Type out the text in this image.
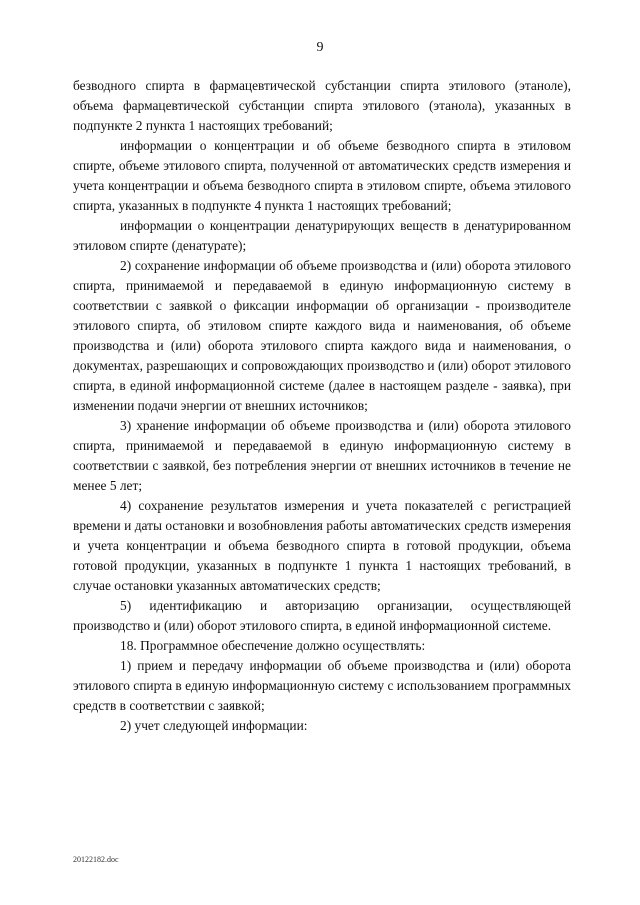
9

безводного спирта в фармацевтической субстанции спирта этилового (этаноле), объема фармацевтической субстанции спирта этилового (этанола), указанных в подпункте 2 пункта 1 настоящих требований;

информации о концентрации и об объеме безводного спирта в этиловом спирте, объеме этилового спирта, полученной от автоматических средств измерения и учета концентрации и объема безводного спирта в этиловом спирте, объема этилового спирта, указанных в подпункте 4 пункта 1 настоящих требований;

информации о концентрации денатурирующих веществ в денатурированном этиловом спирте (денатурате);

2) сохранение информации об объеме производства и (или) оборота этилового спирта, принимаемой и передаваемой в единую информационную систему в соответствии с заявкой о фиксации информации об организации - производителе этилового спирта, об этиловом спирте каждого вида и наименования, об объеме производства и (или) оборота этилового спирта каждого вида и наименования, о документах, разрешающих и сопровождающих производство и (или) оборот этилового спирта, в единой информационной системе (далее в настоящем разделе - заявка), при изменении подачи энергии от внешних источников;

3) хранение информации об объеме производства и (или) оборота этилового спирта, принимаемой и передаваемой в единую информационную систему в соответствии с заявкой, без потребления энергии от внешних источников в течение не менее 5 лет;

4) сохранение результатов измерения и учета показателей с регистрацией времени и даты остановки и возобновления работы автоматических средств измерения и учета концентрации и объема безводного спирта в готовой продукции, объема готовой продукции, указанных в подпункте 1 пункта 1 настоящих требований, в случае остановки указанных автоматических средств;

5) идентификацию и авторизацию организации, осуществляющей производство и (или) оборот этилового спирта, в единой информационной системе.

18. Программное обеспечение должно осуществлять:

1) прием и передачу информации об объеме производства и (или) оборота этилового спирта в единую информационную систему с использованием программных средств в соответствии с заявкой;

2) учет следующей информации:

20122182.doc
